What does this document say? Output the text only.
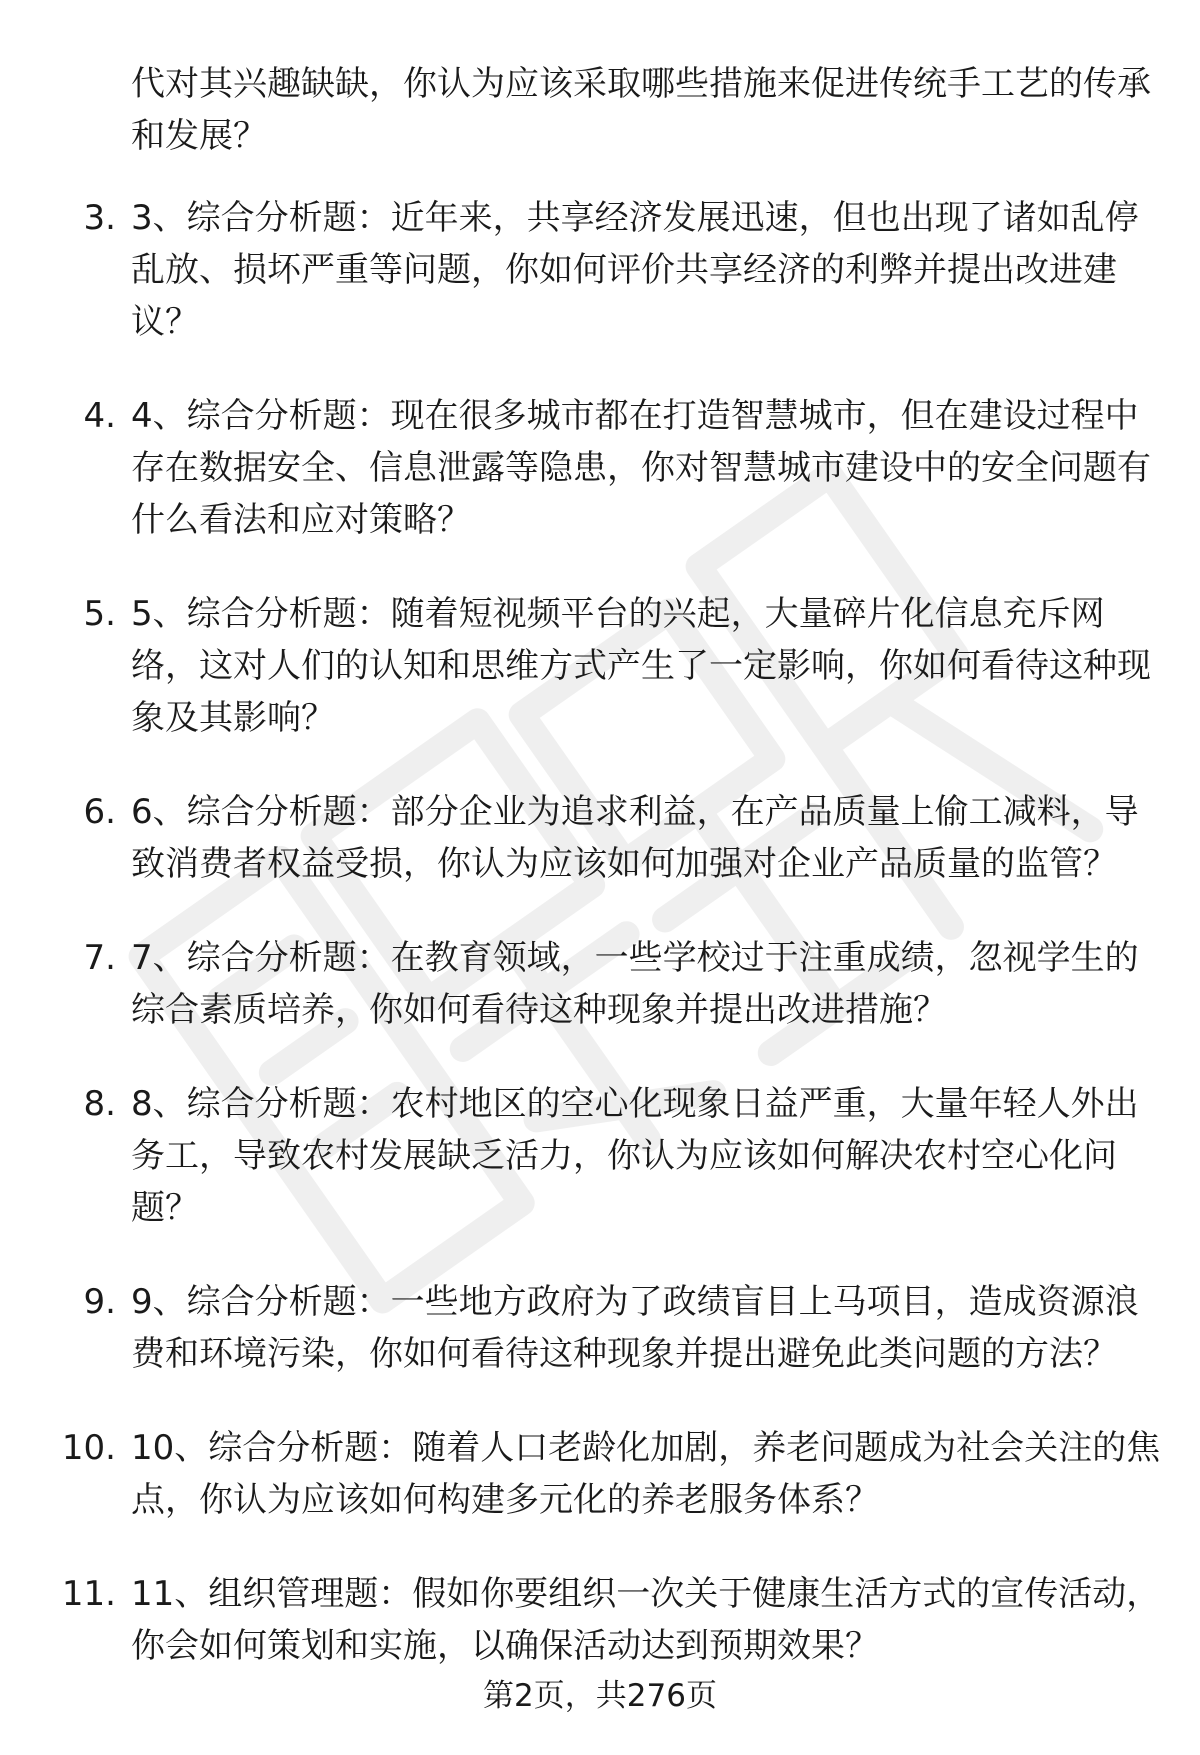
代对其兴趣缺缺，你认为应该采取哪些措施来促进传统手工艺的传承和发展？

3. 3、综合分析题：近年来，共享经济发展迅速，但也出现了诸如乱停乱放、损坏严重等问题，你如何评价共享经济的利弊并提出改进建议？
4. 4、综合分析题：现在很多城市都在打造智慧城市，但在建设过程中存在数据安全、信息泄露等隐患，你对智慧城市建设中的安全问题有什么看法和应对策略？
5. 5、综合分析题：随着短视频平台的兴起，大量碎片化信息充斥网络，这对人们的认知和思维方式产生了一定影响，你如何看待这种现象及其影响？
6. 6、综合分析题：部分企业为追求利益，在产品质量上偷工减料，导致消费者权益受损，你认为应该如何加强对企业产品质量的监管？
7. 7、综合分析题：在教育领域，一些学校过于注重成绩，忽视学生的综合素质培养，你如何看待这种现象并提出改进措施？
8. 8、综合分析题：农村地区的空心化现象日益严重，大量年轻人外出务工，导致农村发展缺乏活力，你认为应该如何解决农村空心化问题？
9. 9、综合分析题：一些地方政府为了政绩盲目上马项目，造成资源浪费和环境污染，你如何看待这种现象并提出避免此类问题的方法？
10. 10、综合分析题：随着人口老龄化加剧，养老问题成为社会关注的焦点，你认为应该如何构建多元化的养老服务体系？
11. 11、组织管理题：假如你要组织一次关于健康生活方式的宣传活动，你会如何策划和实施，以确保活动达到预期效果？
第2页，共276页
